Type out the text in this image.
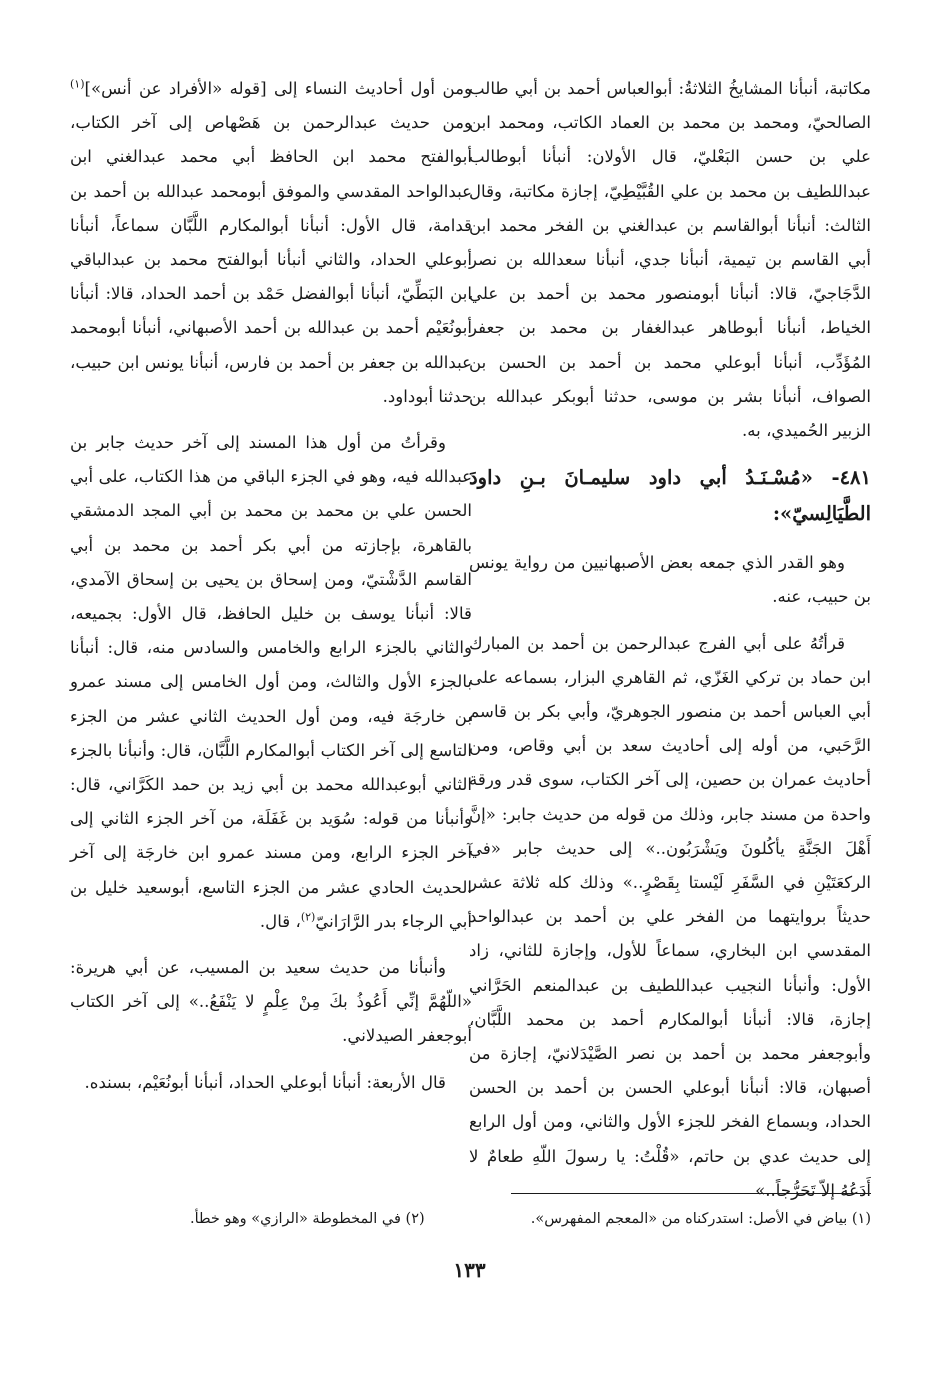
مكاتبة، أنبأنا المشايخُ الثلاثةُ: أبوالعباس أحمد بن أبي طالب الصالحيّ، ومحمد بن محمد بن العماد الكاتب، ومحمد ابن علي بن حسن البَعْليّ، قال الأولان: أنبأنا أبوطالب عبداللطيف بن محمد بن علي القُبَّيْطِيّ، إجازة مكاتبة، وقال الثالث: أنبأنا أبوالقاسم بن عبدالغني بن الفخر محمد ابن أبي القاسم بن تيمية، أنبأنا جدي، أنبأنا سعدالله بن نصر الدَّجَاجيّ، قالا: أنبأنا أبومنصور محمد بن أحمد بن علي الخياط، أنبأنا أبوطاهر عبدالغفار بن محمد بن جعفر المُؤَدِّب، أنبأنا أبوعلي محمد بن أحمد بن الحسن بن الصواف، أنبأنا بشر بن موسى، حدثنا أبوبكر عبدالله بن الزبير الحُميدي، به.

٤٨١- «مُسْـنَـدُ أبي داود سليمـانَ بـنِ داودَ الطَّيَالِسيّ»:

وهو القدر الذي جمعه بعض الأصبهانيين من رواية يونس بن حبيب، عنه.

قرأتُهُ على أبي الفرج عبدالرحمن بن أحمد بن المبارك ابن حماد بن تركي الغَزّي، ثم القاهري البزار، بسماعه على أبي العباس أحمد بن منصور الجوهريّ، وأبي بكر بن قاسم الرَّحَبي، من أوله إلى أحاديث سعد بن أبي وقاص، ومن أحاديث عمران بن حصين، إلى آخر الكتاب، سوى قدر ورقة واحدة من مسند جابر، وذلك من قوله من حديث جابر: «إنَّ أَهْلَ الجَنَّةِ يأكُلونَ ويَشْرَبُون..» إلى حديث جابر «في الركعَتَيْنِ في السَّفَرِ لَيْستا بِقَصْرٍ..» وذلك كله ثلاثة عشر حديثاً بروايتهما من الفخر علي بن أحمد بن عبدالواحد المقدسي ابن البخاري، سماعاً للأول، وإجازة للثاني، زاد الأول: وأنبأنا النجيب عبداللطيف بن عبدالمنعم الحَرَّاني إجازة، قالا: أنبأنا أبوالمكارم أحمد بن محمد اللَّبَّان، وأبوجعفر محمد بن أحمد بن نصر الصَّيْدَلانيّ، إجازة من أصبهان، قالا: أنبأنا أبوعلي الحسن بن أحمد بن الحسن الحداد، وبسماع الفخر للجزء الأول والثاني، ومن أول الرابع إلى حديث عدي بن حاتم، «قُلْتُ: يا رسولَ اللّهِ طعامٌ لا أَدَعُهُ إلاّ تَحَرُّجاً..»

ومن أول أحاديث النساء إلى [قوله «الأفراد عن أنس»]$^{(١)}$ ومن حديث عبدالرحمن بن هَصْهاص إلى آخر الكتاب، أبوالفتح محمد ابن الحافظ أبي محمد عبدالغني ابن عبدالواحد المقدسي والموفق أبومحمد عبدالله بن أحمد بن قدامة، قال الأول: أنبأنا أبوالمكارم اللَّبَّان سماعاً، أنبأنا أبوعلي الحداد، والثاني أنبأنا أبوالفتح محمد بن عبدالباقي ابن البَطِّيّ، أنبأنا أبوالفضل حَمْد بن أحمد الحداد، قالا: أنبأنا أبونُعَيْم أحمد بن عبدالله بن أحمد الأصبهاني، أنبأنا أبومحمد عبدالله بن جعفر بن أحمد بن فارس، أنبأنا يونس ابن حبيب، حدثنا أبوداود.

وقرأتُ من أول هذا المسند إلى آخر حديث جابر بن عبدالله فيه، وهو في الجزء الباقي من هذا الكتاب، على أبي الحسن علي بن محمد بن محمد بن أبي المجد الدمشقي بالقاهرة، بإجازته من أبي بكر أحمد بن محمد بن أبي القاسم الدَّشْتيّ، ومن إسحاق بن يحيى بن إسحاق الآمدي، قالا: أنبأنا يوسف بن خليل الحافظ، قال الأول: بجميعه، والثاني بالجزء الرابع والخامس والسادس منه، قال: أنبأنا بالجزء الأول والثالث، ومن أول الخامس إلى مسند عمرو بن خارجَة فيه، ومن أول الحديث الثاني عشر من الجزء التاسع إلى آخر الكتاب أبوالمكارم اللَّبَّان، قال: وأنبأنا بالجزء الثاني أبوعبدالله محمد بن أبي زيد بن حمد الكَرَّاني، قال: وأنبأنا من قوله: سُوَيد بن غَفَلَة، من آخر الجزء الثاني إلى آخر الجزء الرابع، ومن مسند عمرو ابن خارجَة إلى آخر الحديث الحادي عشر من الجزء التاسع، أبوسعيد خليل بن أبي الرجاء بدر الرَّارَانيّ$^{(٢)}$، قال.

وأنبأنا من حديث سعيد بن المسيب، عن أبي هريرة: «اللّهُمَّ إنِّي أَعُوذُ بكَ مِنْ عِلْمٍ لا يَنْفَعُ..» إلى آخر الكتاب أبوجعفر الصيدلاني.

قال الأربعة: أنبأنا أبوعلي الحداد، أنبأنا أبونُعَيْم، بسنده.

(١) بياض في الأصل: استدركناه من «المعجم المفهرس».
(٢) في المخطوطة «الرازي» وهو خطأ.
١٣٣
